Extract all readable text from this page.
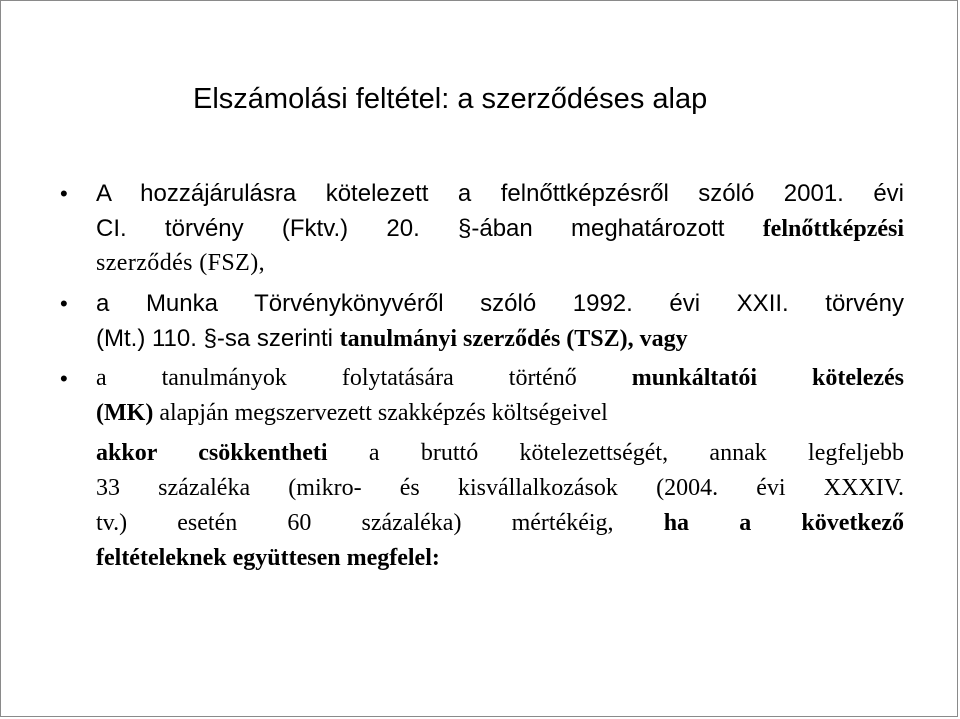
Elszámolási feltétel: a szerződéses alap
• A hozzájárulásra kötelezett a felnőttképzésről szóló 2001. évi
CI. törvény (Fktv.) 20. §-ában meghatározott felnőttképzési
szerződés (FSZ),
• a Munka Törvénykönyvéről szóló 1992. évi XXII. törvény
(Mt.) 110. §-sa szerinti tanulmányi szerződés (TSZ), vagy
• a tanulmányok folytatására történő munkáltatói kötelezés
(MK) alapján megszervezett szakképzés költségeivel
akkor csökkentheti a bruttó kötelezettségét, annak legfeljebb
33 százaléka (mikro- és kisvállalkozások (2004. évi XXXIV.
tv.) esetén 60 százaléka) mértékéig, ha a következő
feltételeknek együttesen megfelel:
